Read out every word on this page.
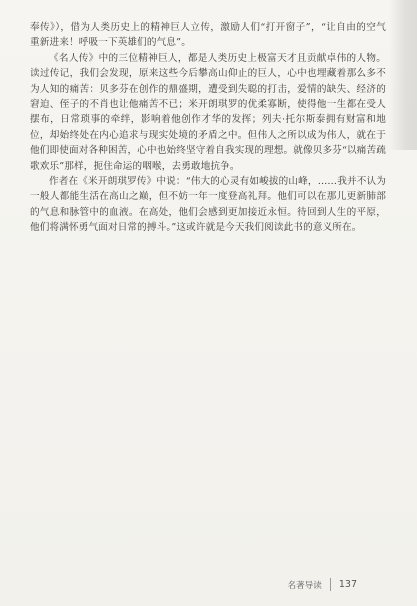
奉传》），借为人类历史上的精神巨人立传，激励人们“打开窗子”，“让自由的空气重新进来！呼吸一下英雄们的气息”。

《名人传》中的三位精神巨人，都是人类历史上极富天才且贡献卓伟的人物。读过传记，我们会发现，原来这些今后攀高山仰止的巨人，心中也埋藏着那么多不为人知的痛苦：贝多芬在创作的鼎盛期，遭受到失聪的打击，爱情的缺失、经济的窘迫、侄子的不肖也让他痛苦不已；米开朗琪罗的优柔寡断，使得他一生都在受人摆布，日常琐事的牵绊，影响着他创作才华的发挥；列夫·托尔斯泰拥有财富和地位，却始终处在内心追求与现实处境的矛盾之中。但伟人之所以成为伟人，就在于他们即使面对各种困苦，心中也始终坚守着自我实现的理想。就像贝多芬“以痛苦疏歌欢乐”那样，扼住命运的咽喉，去勇敢地抗争。

作者在《米开朗琪罗传》中说：“伟大的心灵有如峻拔的山峰，……我并不认为一般人都能生活在高山之巅，但不妨一年一度登高礼拜。他们可以在那儿更新肺部的气息和脉管中的血液。在高处，他们会感到更加接近永恒。待回到人生的平原，他们将满怀勇气面对日常的搏斗。”这或许就是今天我们阅读此书的意义所在。

名著导读 137
